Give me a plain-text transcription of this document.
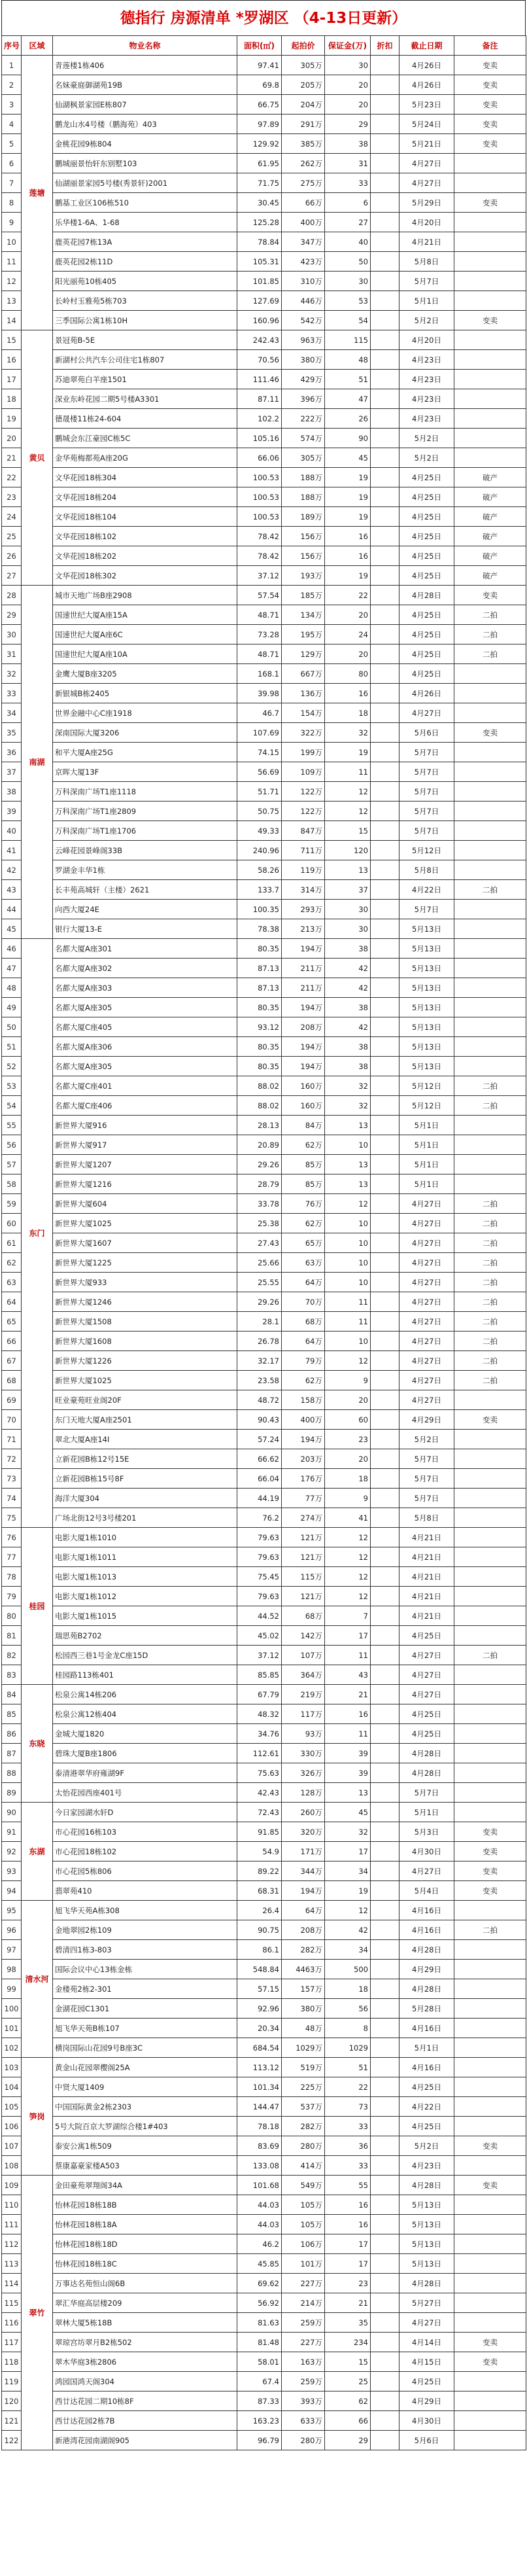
德指行 房源清单 *罗湖区 （4-13日更新）
序号	区域	物业名称	面积(㎡)	起拍价	保证金(万)	折扣	截止日期	备注
1	莲塘	青莲楼1栋406	97.41	305万	30		4月26日	变卖
2		名妹豪庭御湖苑19B	69.8	205万	20		4月26日	变卖
3		仙湖枫景家园E栋807	66.75	204万	20		5月23日	变卖
4		鹏龙山水4号楼（鹏海苑）403	97.89	291万	29		5月24日	变卖
5		金桃花园9栋804	129.92	385万	38		5月21日	变卖
6		鹏城丽景怡轩东别墅103	61.95	262万	31		4月27日	
7		仙湖丽景家园5号楼(秀景轩)2001	71.75	275万	33		4月27日	
8		鹏基工业区106栋510	30.45	66万	6		5月29日	变卖
9		乐华楼1-6A、1-68	125.28	400万	27		4月20日	
10		鹿英花园7栋13A	78.84	347万	40		4月21日	
11		鹿英花园2栋11D	105.31	423万	50		5月8日	
12		阳光丽苑10栋405	101.85	310万	30		5月7日	
13		长岭村玉雅苑5栋703	127.69	446万	53		5月1日	
14		三季国际公寓1栋10H	160.96	542万	54		5月2日	变卖
15	黄贝	景冠苑B-5E	242.43	963万	115		4月20日	
16		新湖村公共汽车公司住宅1栋807	70.56	380万	48		4月23日	
17		苏迪翠苑白羊座1501	111.46	429万	51		4月23日	
18		深业东岭花园二期5号楼A3301	87.11	396万	47		4月23日	
19		德晟楼11栋24-604	102.2	222万	26		4月23日	
20		鹏城会东江豪园C栋5C	105.16	574万	90		5月2日	
21		金华苑梅都苑A座20G	66.06	305万	45		5月2日	
22		文华花园18栋304	100.53	188万	19		4月25日	破产
23		文华花园18栋204	100.53	188万	19		4月25日	破产
24		文华花园18栋104	100.53	189万	19		4月25日	破产
25		文华花园18栋102	78.42	156万	16		4月25日	破产
26		文华花园18栋202	78.42	156万	16		4月25日	破产
27		文华花园18栋302	37.12	193万	19		4月25日	破产
28	南湖	城市天地广场B座2908	57.54	185万	22		4月28日	变卖
29		国速世纪大厦A座15A	48.71	134万	20		4月25日	二拍
30		国速世纪大厦A座6C	73.28	195万	24		4月25日	二拍
31		国速世纪大厦A座10A	48.71	129万	20		4月25日	二拍
32		金鹰大厦B座3205	168.1	667万	80		4月25日	
33		新银城B栋2405	39.98	136万	16		4月26日	
34		世界金融中心C座1918	46.7	154万	18		4月27日	
35		深南国际大厦3206	107.69	322万	32		5月6日	变卖
36		和平大厦A座25G	74.15	199万	19		5月7日	
37		京晖大厦13F	56.69	109万	11		5月7日	
38		万科深南广场T1座1118	51.71	122万	12		5月7日	
39		万科深南广场T1座2809	50.75	122万	12		5月7日	
40		万科深南广场T1座1706	49.33	847万	15		5月7日	
41		云峰花园景峰阁33B	240.96	711万	120		5月12日	
42		罗湖金丰华1栋	58.26	119万	13		5月8日	
43		长丰苑高城轩（主楼）2621	133.7	314万	37		4月22日	二拍
44		向西大厦24E	100.35	293万	30		5月7日	
45		银行大厦13-E	78.38	213万	30		5月13日	
46	东门	名都大厦A座301	80.35	194万	38		5月13日	
47		名都大厦A座302	87.13	211万	42		5月13日	
48		名都大厦A座303	87.13	211万	42		5月13日	
49		名都大厦A座305	80.35	194万	38		5月13日	
50		名都大厦C座405	93.12	208万	42		5月13日	
51		名都大厦A座306	80.35	194万	38		5月13日	
52		名都大厦A座305	80.35	194万	38		5月13日	
53		名都大厦C座401	88.02	160万	32		5月12日	二拍
54		名都大厦C座406	88.02	160万	32		5月12日	二拍
55		新世界大厦916	28.13	84万	13		5月1日	
56		新世界大厦917	20.89	62万	10		5月1日	
57		新世界大厦1207	29.26	85万	13		5月1日	
58		新世界大厦1216	28.79	85万	13		5月1日	
59		新世界大厦604	33.78	76万	12		4月27日	二拍
60		新世界大厦1025	25.38	62万	10		4月27日	二拍
61		新世界大厦1607	27.43	65万	10		4月27日	二拍
62		新世界大厦1225	25.66	63万	10		4月27日	二拍
63		新世界大厦933	25.55	64万	10		4月27日	二拍
64		新世界大厦1246	29.26	70万	11		4月27日	二拍
65		新世界大厦1508	28.1	68万	11		4月27日	二拍
66		新世界大厦1608	26.78	64万	10		4月27日	二拍
67		新世界大厦1226	32.17	79万	12		4月27日	二拍
68		新世界大厦1025	23.58	62万	9		4月27日	二拍
69		旺业豪苑旺业阁20F	48.72	158万	20		4月27日	
70		东门天地大厦A座2501	90.43	400万	60		4月29日	变卖
71		翠北大厦A座14I	57.24	194万	23		5月2日	
72		立新花园B栋12号15E	66.62	203万	20		5月7日	
73		立新花园B栋15号8F	66.04	176万	18		5月7日	
74		海洋大厦304	44.19	77万	9		5月7日	
75		广场北街12号3号楼201	76.2	274万	41		5月8日	
76	桂园	电影大厦1栋1010	79.63	121万	12		4月21日	
77		电影大厦1栋1011	79.63	121万	12		4月21日	
78		电影大厦1栋1013	75.45	115万	12		4月21日	
79		电影大厦1栋1012	79.63	121万	12		4月21日	
80		电影大厦1栋1015	44.52	68万	7		4月21日	
81		瑞思苑B2702	45.02	142万	17		4月25日	
82		松园西三巷1号金龙C座15D	37.12	107万	11		4月27日	二拍
83		桂园路113栋401	85.85	364万	43		4月27日	
84	东晓	松泉公寓14栋206	67.79	219万	21		4月27日	
85		松泉公寓12栋404	48.32	117万	16		4月25日	
86		金城大厦1820	34.76	93万	11		4月25日	
87		碧珠大厦B座1806	112.61	330万	39		4月28日	
88		泰清港翠华府雍湖9F	75.63	326万	39		4月28日	
89		太怡花园西座401号	42.43	128万	13		5月7日	
90	东湖	今日家园湖水轩D	72.43	260万	45		5月1日	
91		市心花园16栋103	91.85	320万	32		5月3日	变卖
92		市心花园18栋102	54.9	171万	17		4月30日	变卖
93		市心花园5栋806	89.22	344万	34		4月27日	变卖
94		翡翠苑410	68.31	194万	19		5月4日	变卖
95	清水河	旭飞华天苑A栋308	26.4	64万	12		4月16日	
96		金地翠园2栋109	90.75	208万	42		4月16日	二拍
97		碧清四1栋3-803	86.1	282万	34		4月28日	
98		国际会议中心13栋金栋	548.84	4463万	500		4月29日	
99		金楼苑2栋2-301	57.15	157万	18		4月28日	
100		金湖花园C1301	92.96	380万	56		5月28日	
101		旭飞华天苑B栋107	20.34	48万	8		4月16日	
102		横岗国际山花园9号B座3C	684.54	1029万	1029		5月1日	
103	笋岗	黄金山花园翠樱阁25A	113.12	519万	51		4月16日	
104		中贤大厦1409	101.34	225万	22		4月25日	
105		中国国际黄金2栋2303	144.47	537万	73		4月22日	
106		5号大院百京大罗湖综合楼1#403	78.18	282万	33		4月25日	
107		泰安公寓1栋509	83.69	280万	36		5月2日	变卖
108		蔡康嘉豪家楼A503	133.08	414万	33		4月23日	
109	翠竹	金田豪苑翠翔阁34A	101.68	549万	55		4月28日	变卖
110		怡林花园18栋18B	44.03	105万	16		5月13日	
111		怡林花园18栋18A	44.03	105万	16		5月13日	
112		怡林花园18栋18D	46.2	106万	17		5月13日	
113		怡林花园18栋18C	45.85	101万	17		5月13日	
114		万事达名苑恒山阁6B	69.62	227万	23		4月28日	
115		翠汇华庭高层楼209	56.92	214万	21		5月27日	
116		翠林大厦5栋18B	81.63	259万	35		4月27日	
117		翠琼宫坊翠月B2栋502	81.48	227万	234		4月14日	变卖
118		翠木华庭3栋2806	58.01	163万	15		4月15日	变卖
119		鸿园国鸿天阁304	67.4	259万	25		4月25日	
120		西廿达花园二期10栋8F	87.33	393万	62		4月29日	
121		西廿达花园2栋7B	163.23	633万	66		4月30日	
122		新港湾花园南湖阁905	96.79	280万	29		5月6日	
